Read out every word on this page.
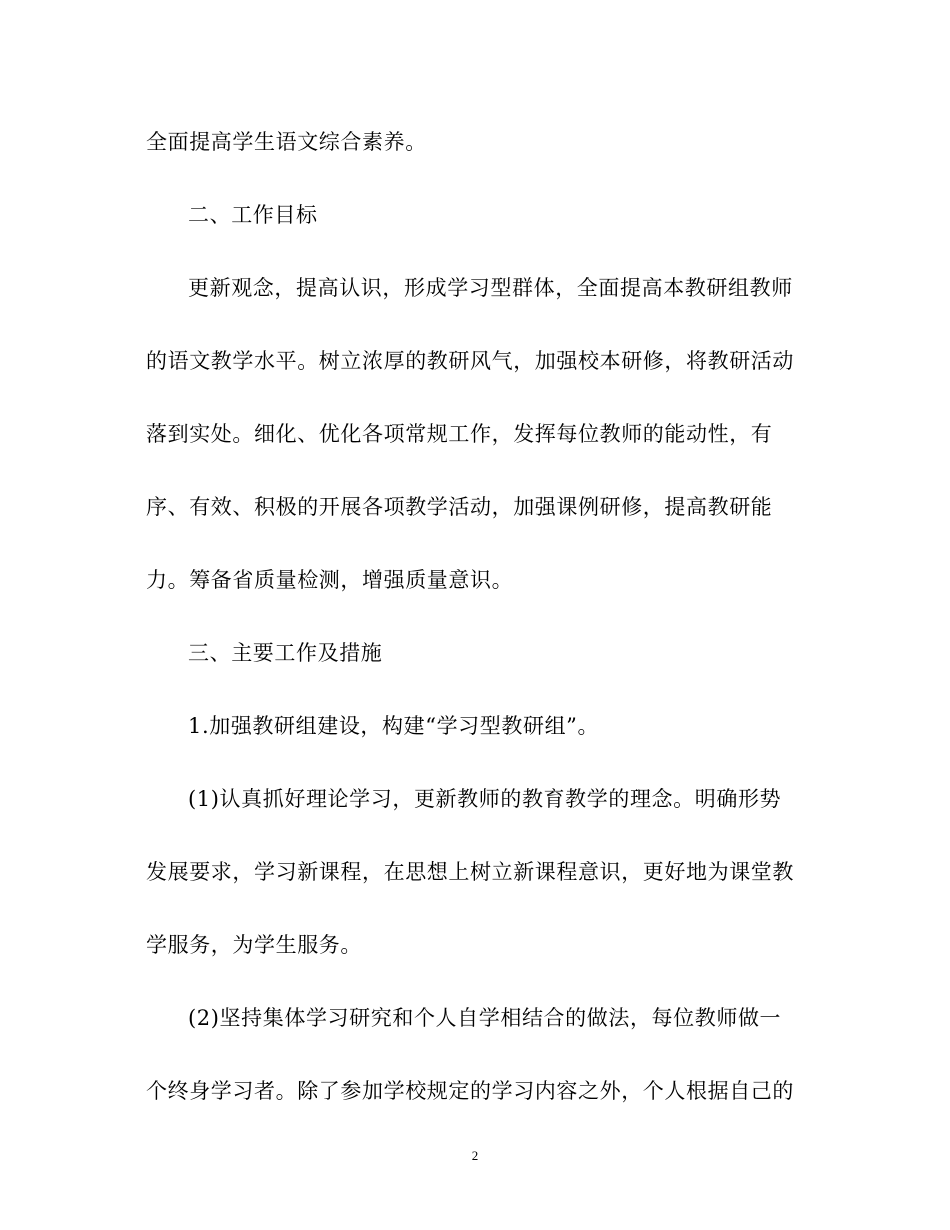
全面提高学生语文综合素养。
二、工作目标
更新观念，提高认识，形成学习型群体，全面提高本教研组教师
的语文教学水平。树立浓厚的教研风气，加强校本研修，将教研活动
落到实处。细化、优化各项常规工作，发挥每位教师的能动性，有
序、有效、积极的开展各项教学活动，加强课例研修，提高教研能
力。筹备省质量检测，增强质量意识。
三、主要工作及措施
1.加强教研组建设，构建“学习型教研组”。
(1)认真抓好理论学习，更新教师的教育教学的理念。明确形势
发展要求，学习新课程，在思想上树立新课程意识，更好地为课堂教
学服务，为学生服务。
(2)坚持集体学习研究和个人自学相结合的做法，每位教师做一
个终身学习者。除了参加学校规定的学习内容之外，个人根据自己的
2
